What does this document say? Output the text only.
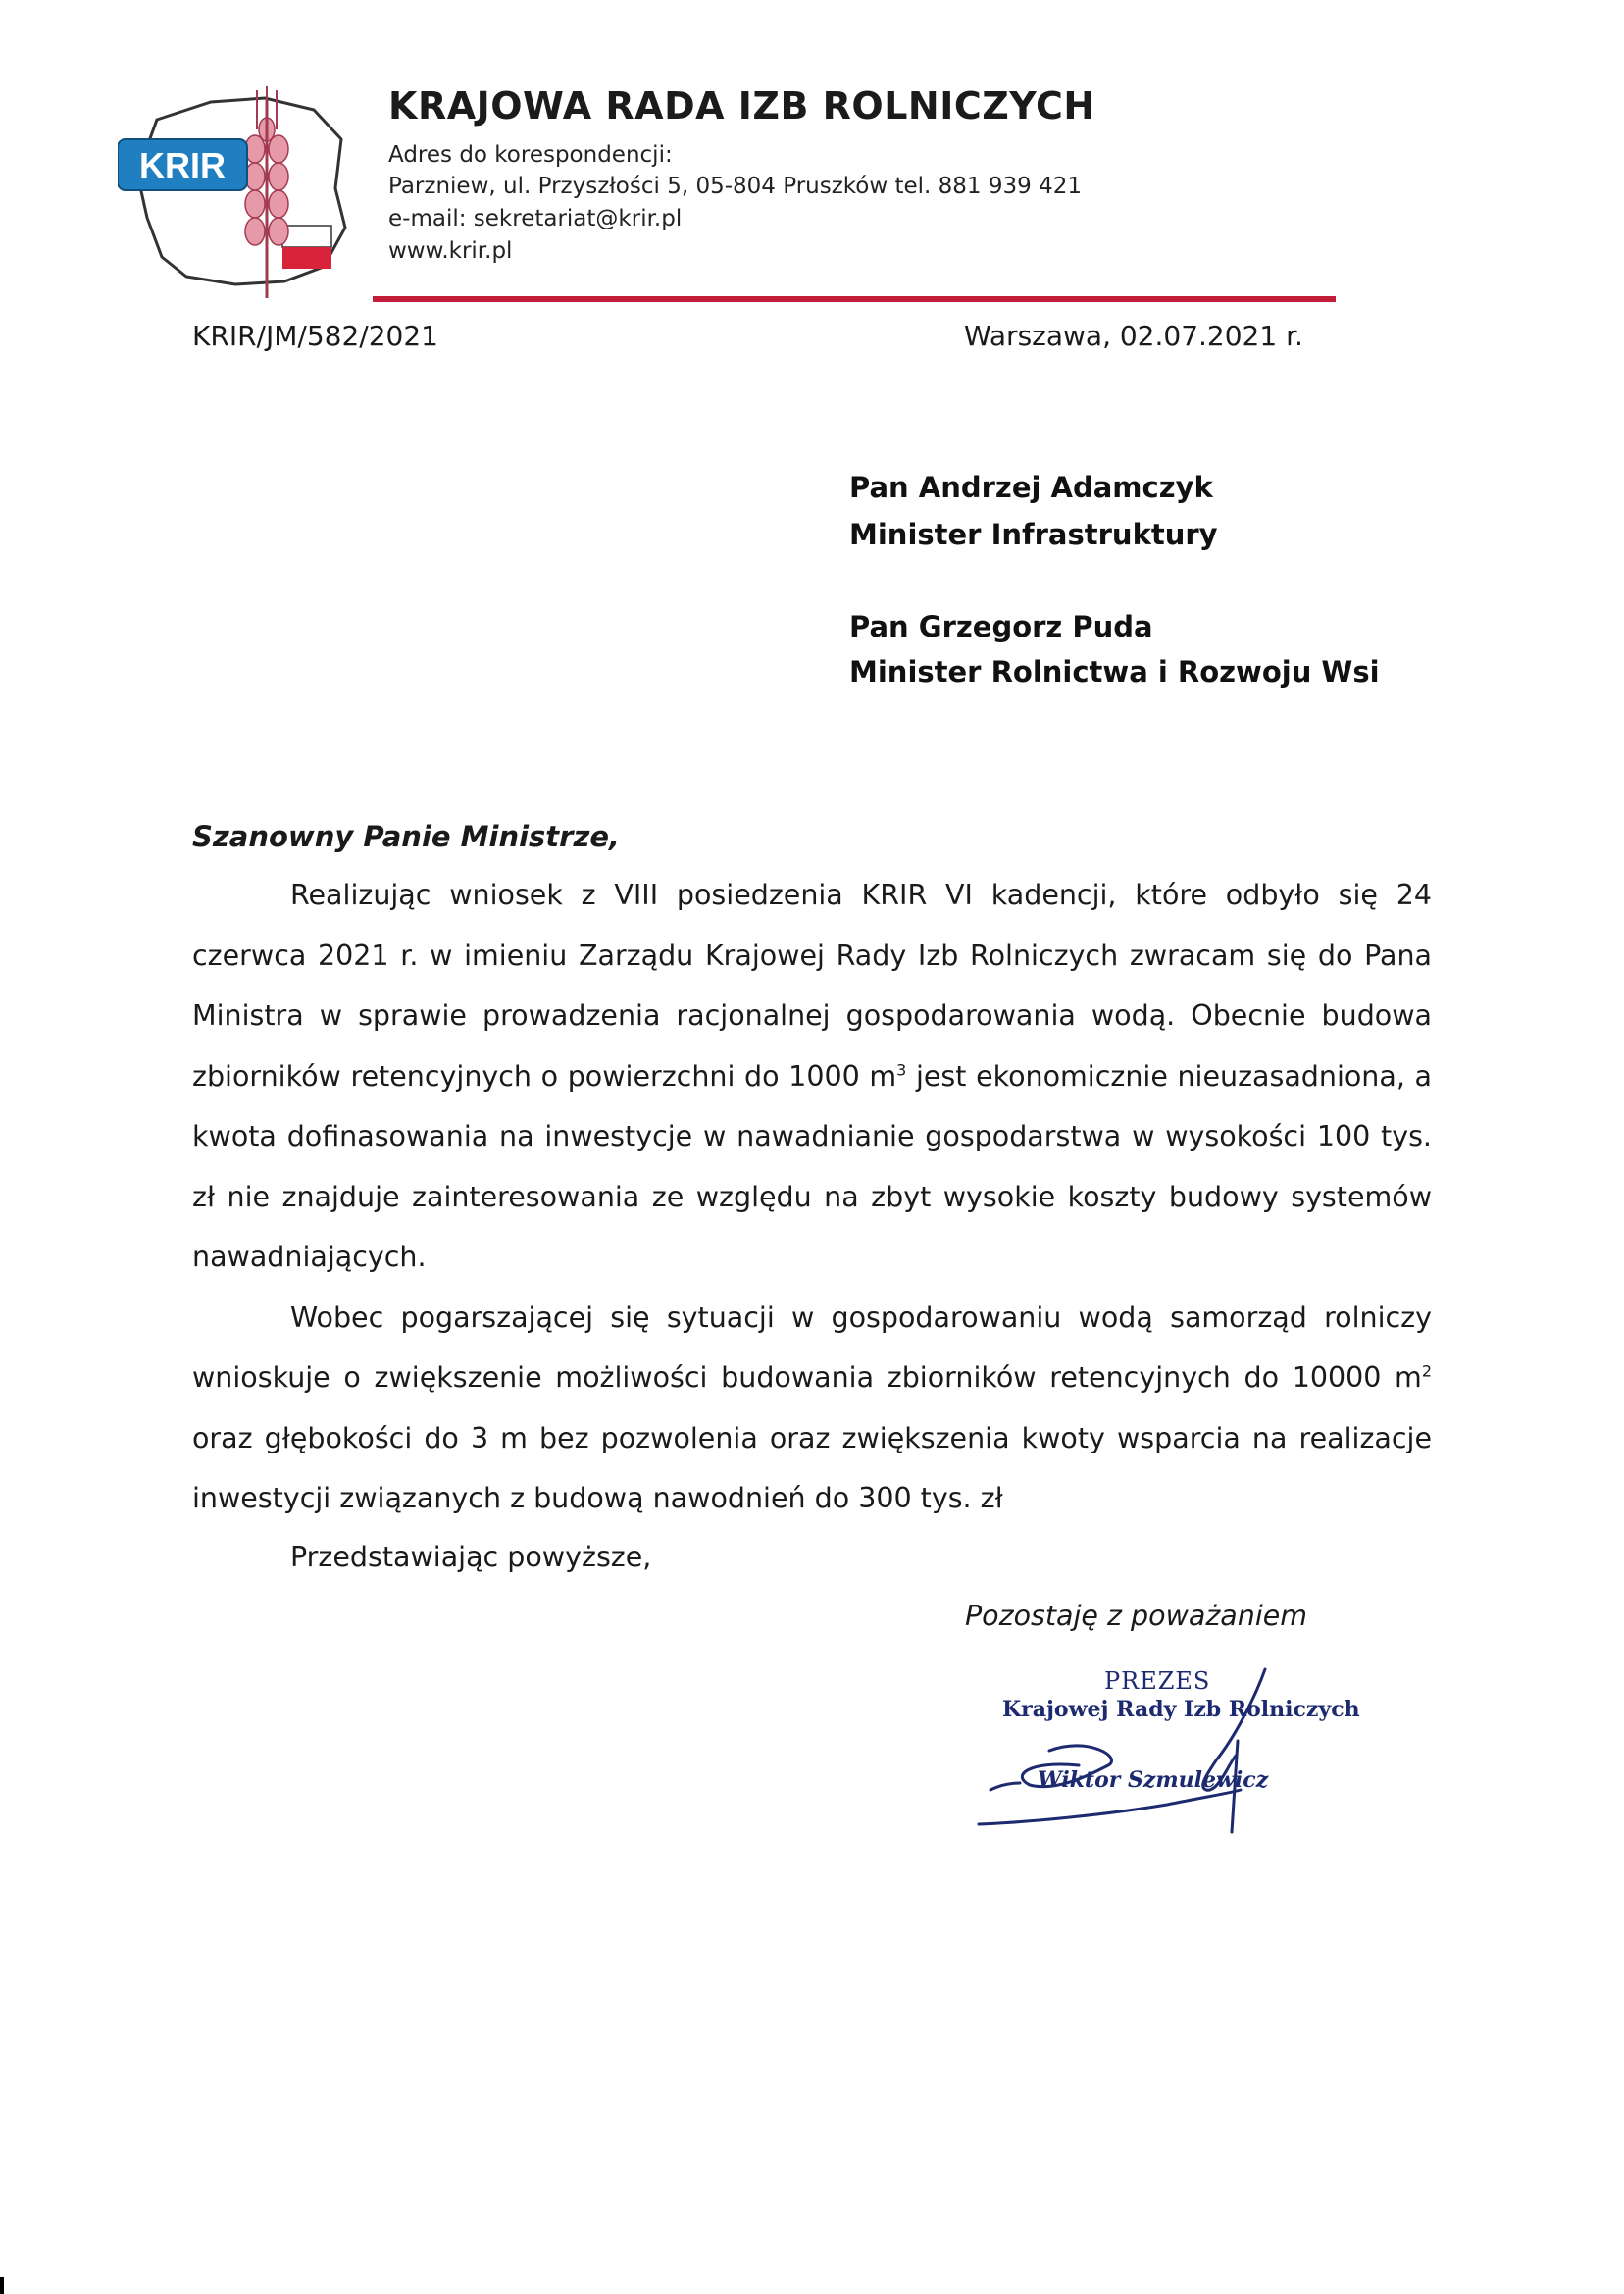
KRIR
KRAJOWA RADA IZB ROLNICZYCH
Adres do korespondencji:
Parzniew, ul. Przyszłości 5, 05-804 Pruszków tel. 881 939 421
e-mail: sekretariat@krir.pl
www.krir.pl
KRIR/JM/582/2021	Warszawa, 02.07.2021 r.
Pan Andrzej Adamczyk
Minister Infrastruktury
Pan Grzegorz Puda
Minister Rolnictwa i Rozwoju Wsi
Szanowny Panie Ministrze,

Realizując wniosek z VIII posiedzenia KRIR VI kadencji, które odbyło się 24 czerwca 2021 r. w imieniu Zarządu Krajowej Rady Izb Rolniczych zwracam się do Pana Ministra w sprawie prowadzenia racjonalnej gospodarowania wodą. Obecnie budowa zbiorników retencyjnych o powierzchni do 1000 $m^3$ jest ekonomicznie nieuzasadniona, a kwota dofinasowania na inwestycje w nawadnianie gospodarstwa w wysokości 100 tys. zł nie znajduje zainteresowania ze względu na zbyt wysokie koszty budowy systemów nawadniających.

Wobec pogarszającej się sytuacji w gospodarowaniu wodą samorząd rolniczy wnioskuje o zwiększenie możliwości budowania zbiorników retencyjnych do 10000 $m^2$ oraz głębokości do 3 m bez pozwolenia oraz zwiększenia kwoty wsparcia na realizacje inwestycji związanych z budową nawodnień do 300 tys. zł

Przedstawiając powyższe,
Pozostaję z poważaniem
PREZES
Krajowej Rady Izb Rolniczych
Wiktor Szmulewicz
